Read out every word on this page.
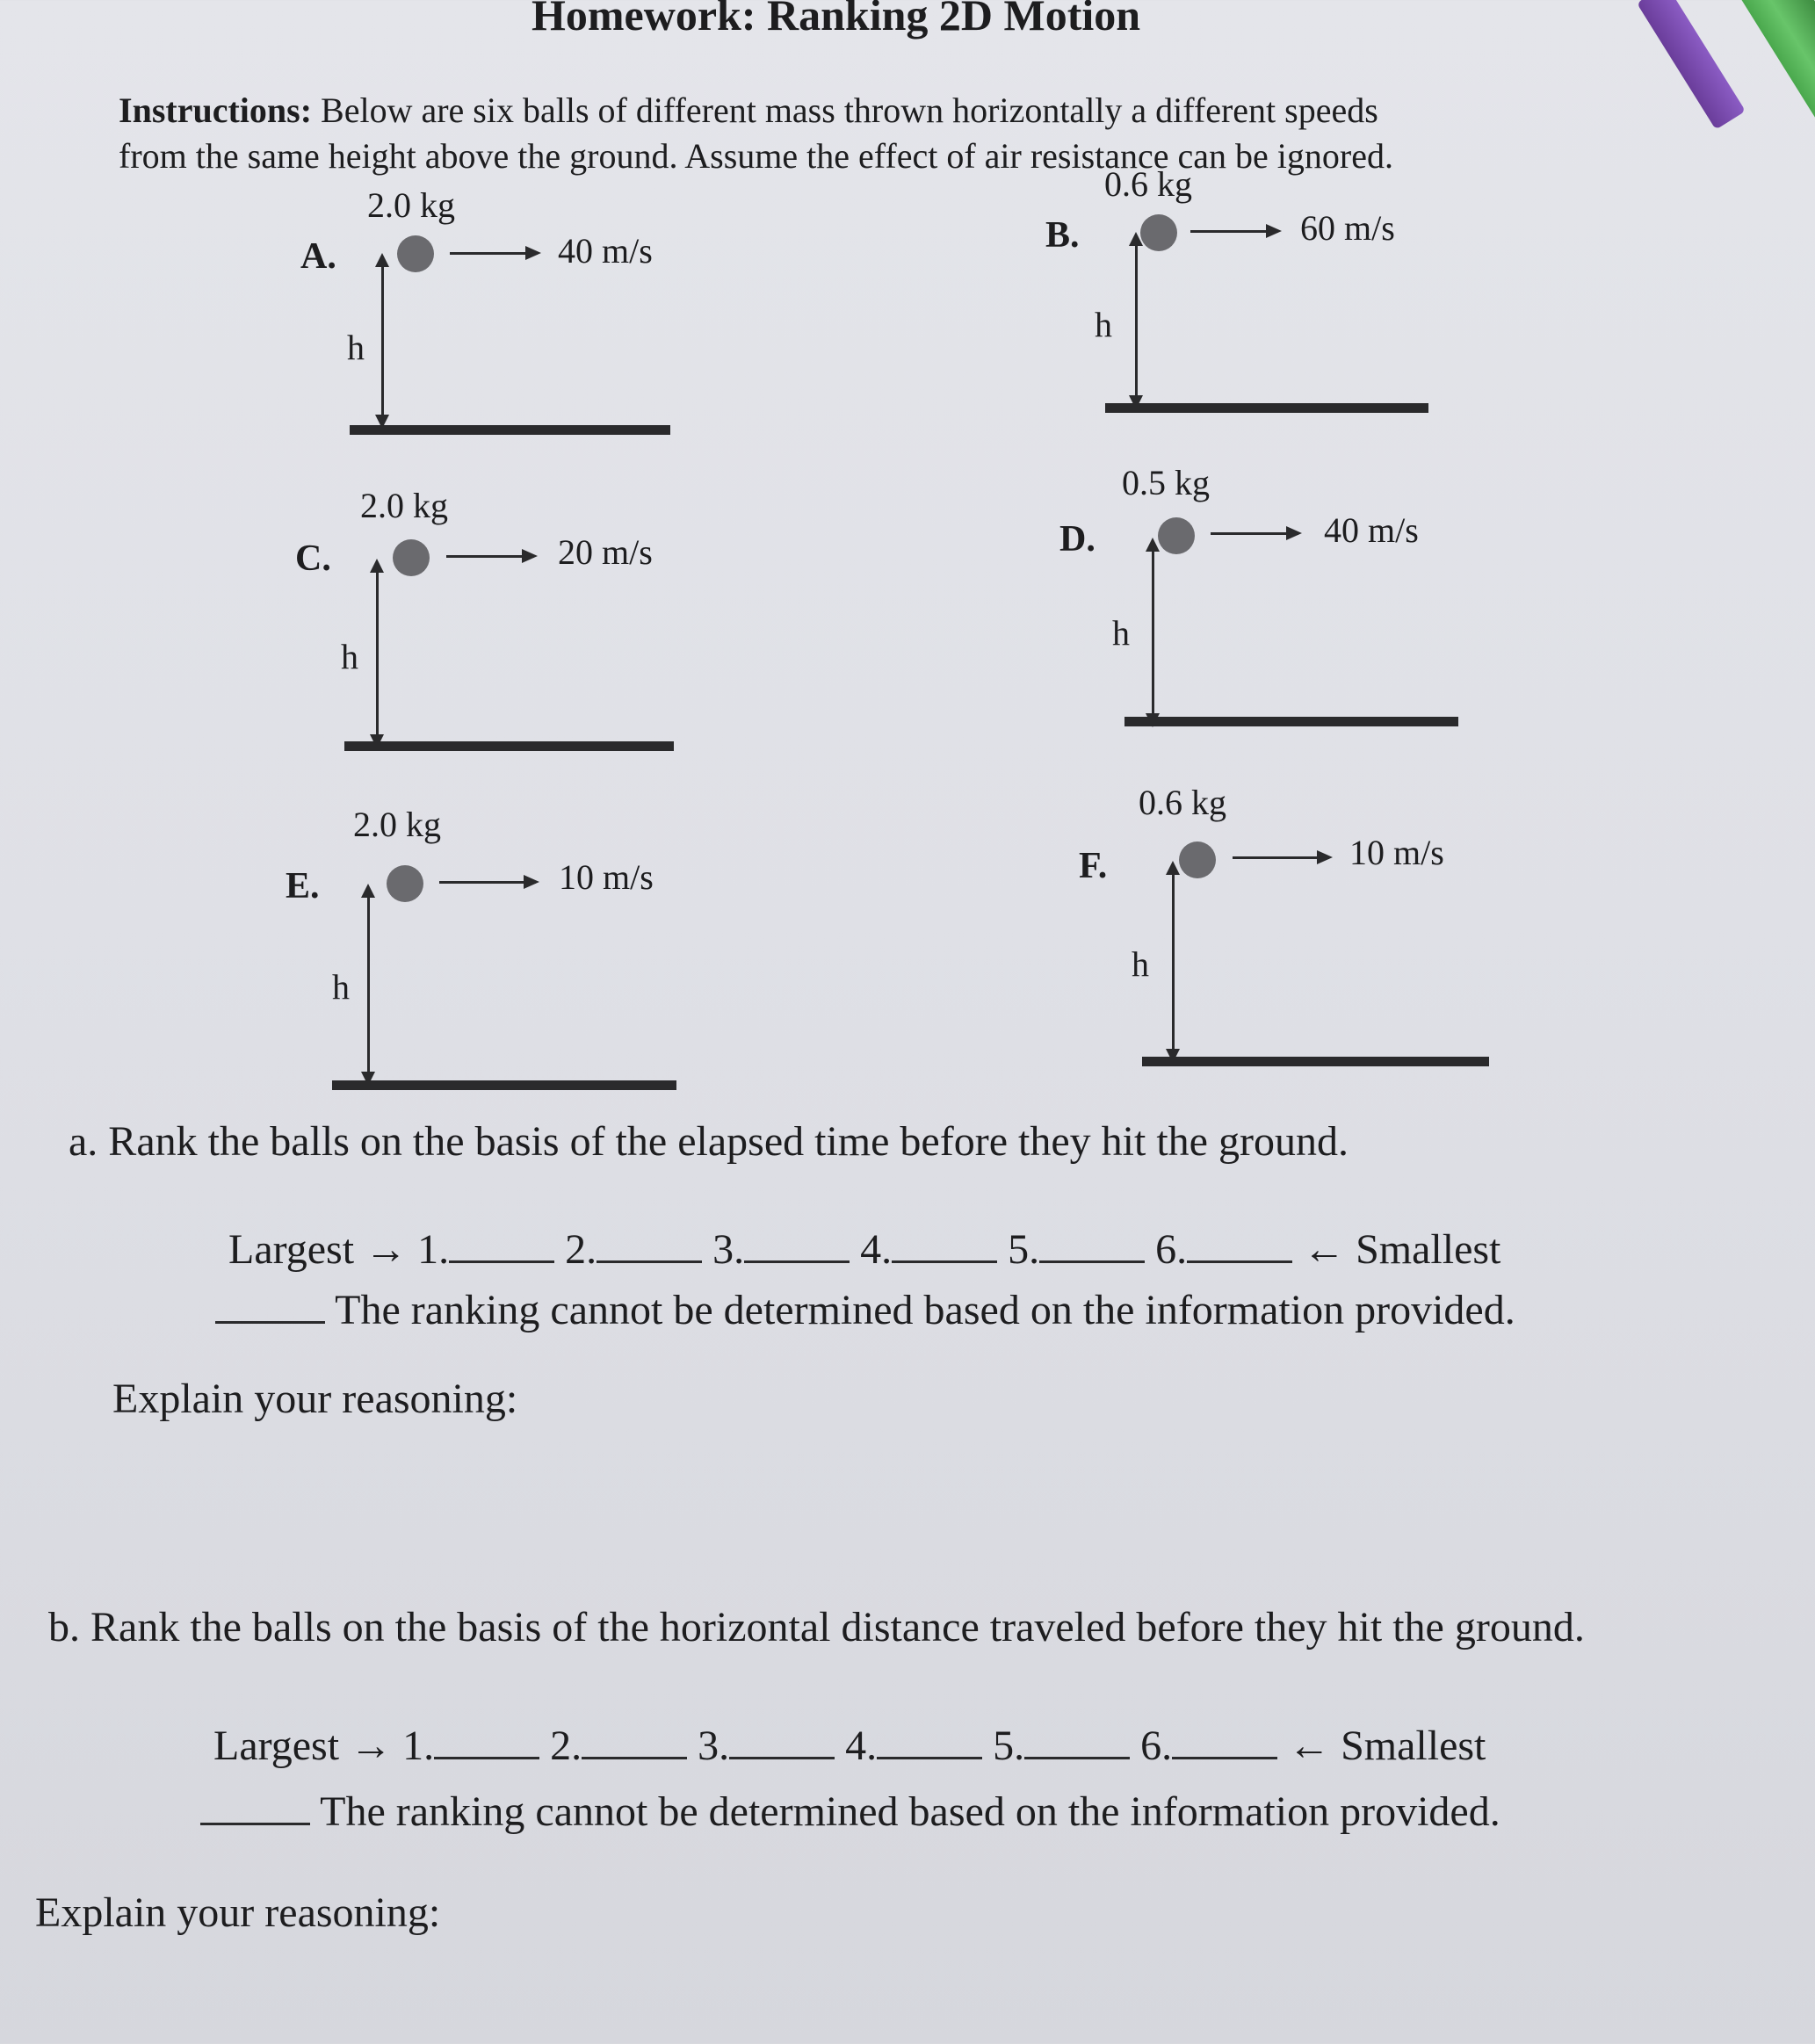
Homework: Ranking 2D Motion
Instructions: Below are six balls of different mass thrown horizontally a different speeds
from the same height above the ground. Assume the effect of air resistance can be ignored.
A.
2.0 kg
40 m/s
h
B.
0.6 kg
60 m/s
h
C.
2.0 kg
20 m/s
h
D.
0.5 kg
40 m/s
h
E.
2.0 kg
10 m/s
h
F.
0.6 kg
10 m/s
h
a. Rank the balls on the basis of the elapsed time before they hit the ground.
Largest → 1.	2.	3.	4.	5.	6.	← Smallest
The ranking cannot be determined based on the information provided.
Explain your reasoning:
b. Rank the balls on the basis of the horizontal distance traveled before they hit the ground.
Largest → 1.	2.	3.	4.	5.	6.	← Smallest
The ranking cannot be determined based on the information provided.
Explain your reasoning:
